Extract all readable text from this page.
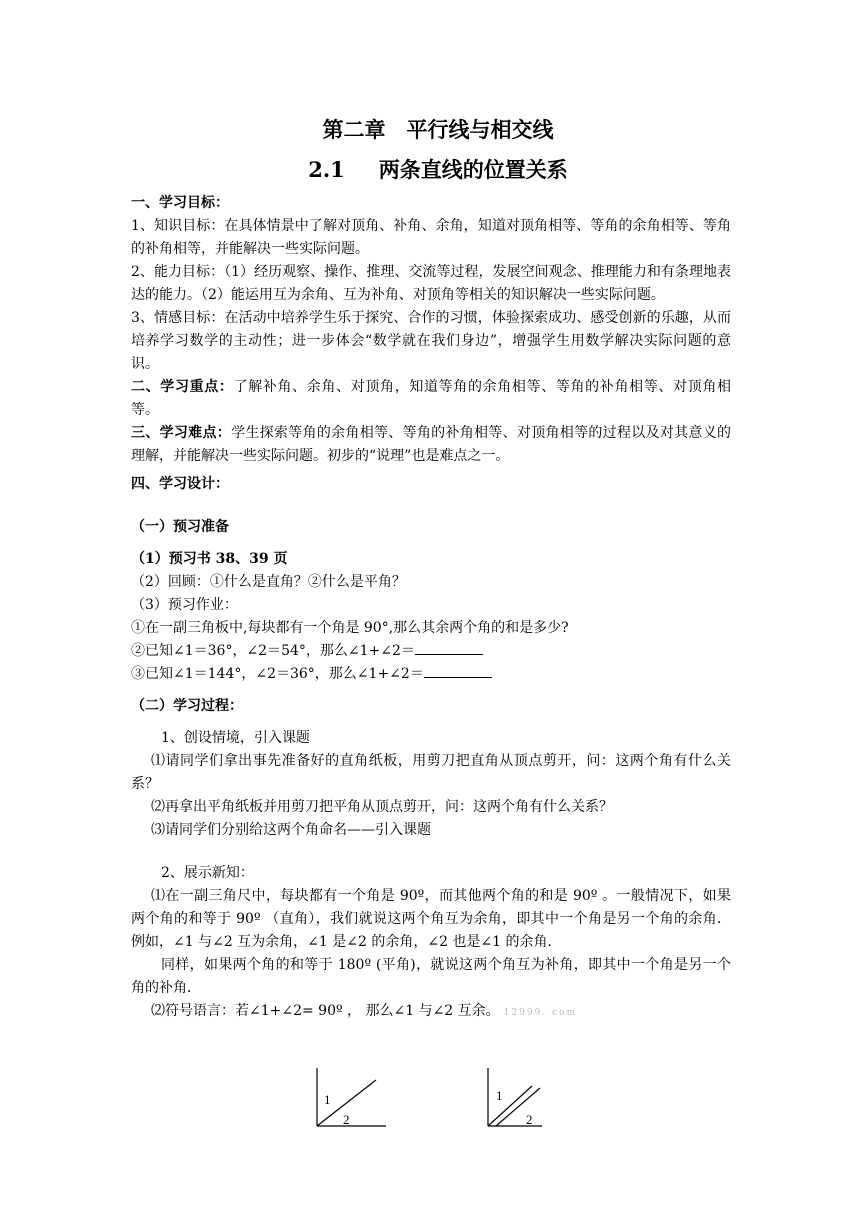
第二章　平行线与相交线
2.1 两条直线的位置关系

一、学习目标：

1、知识目标：在具体情景中了解对顶角、补角、余角，知道对顶角相等、等角的余角相等、等角的补角相等，并能解决一些实际问题。

2、能力目标：（1）经历观察、操作、推理、交流等过程，发展空间观念、推理能力和有条理地表达的能力。（2）能运用互为余角、互为补角、对顶角等相关的知识解决一些实际问题。

3、情感目标：在活动中培养学生乐于探究、合作的习惯，体验探索成功、感受创新的乐趣，从而培养学习数学的主动性；进一步体会“数学就在我们身边”，增强学生用数学解决实际问题的意识。

二、学习重点：了解补角、余角、对顶角，知道等角的余角相等、等角的补角相等、对顶角相等。

三、学习难点：学生探索等角的余角相等、等角的补角相等、对顶角相等的过程以及对其意义的理解，并能解决一些实际问题。初步的“说理”也是难点之一。

四、学习设计：

（一）预习准备

（1）预习书 38、39 页

（2）回顾：①什么是直角？②什么是平角？

（3）预习作业：

①在一副三角板中,每块都有一个角是 90°,那么其余两个角的和是多少?

②已知∠1＝36°，∠2＝54°，那么∠1+∠2＝

③已知∠1＝144°，∠2＝36°，那么∠1+∠2＝

（二）学习过程：

1、创设情境，引入课题

⑴请同学们拿出事先准备好的直角纸板，用剪刀把直角从顶点剪开，问：这两个角有什么关系？

⑵再拿出平角纸板并用剪刀把平角从顶点剪开，问：这两个角有什么关系？

⑶请同学们分别给这两个角命名——引入课题

2、展示新知：

⑴在一副三角尺中，每块都有一个角是 90º，而其他两个角的和是 90º 。一般情况下，如果两个角的和等于 90º （直角），我们就说这两个角互为余角，即其中一个角是另一个角的余角．例如，∠1 与∠2 互为余角，∠1 是∠2 的余角，∠2 也是∠1 的余角．

同样，如果两个角的和等于 180º (平角)，就说这两个角互为补角，即其中一个角是另一个角的补角．

⑵符号语言：若∠1+∠2= 90º ， 那么∠1 与∠2 互余。 12999. com

1
2
1
2
